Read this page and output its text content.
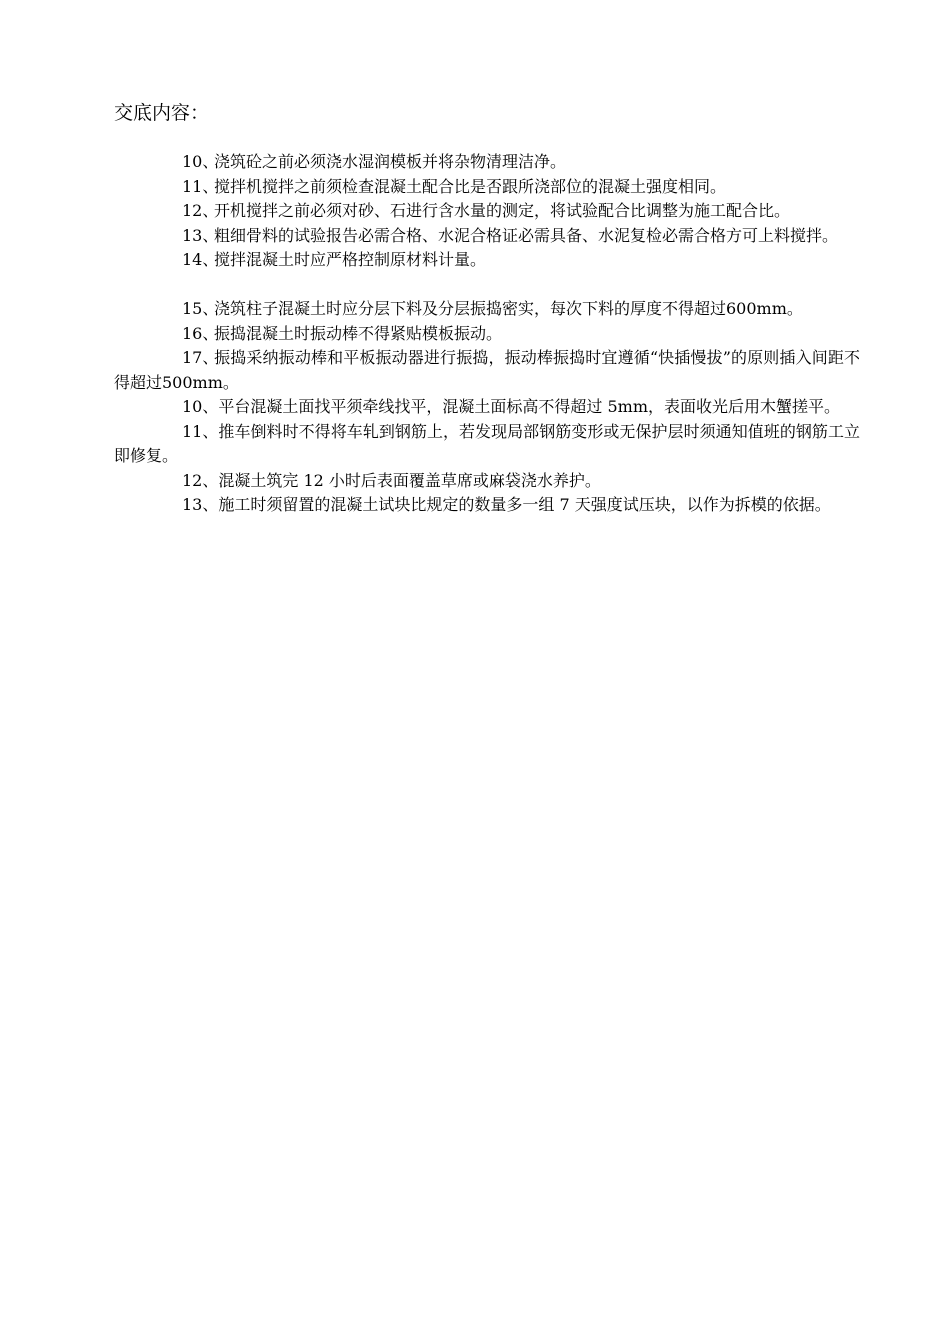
交底内容：

10、浇筑砼之前必须浇水湿润模板并将杂物清理洁净。

11、搅拌机搅拌之前须检查混凝土配合比是否跟所浇部位的混凝土强度相同。

12、开机搅拌之前必须对砂、石进行含水量的测定，将试验配合比调整为施工配合比。

13、粗细骨料的试验报告必需合格、水泥合格证必需具备、水泥复检必需合格方可上料搅拌。

14、搅拌混凝土时应严格控制原材料计量。

15、浇筑柱子混凝土时应分层下料及分层振捣密实，每次下料的厚度不得超过600mm。

16、振捣混凝土时振动棒不得紧贴模板振动。

17、振捣采纳振动棒和平板振动器进行振捣，振动棒振捣时宜遵循“快插慢拔”的原则插入间距不得超过500mm。

10、平台混凝土面找平须牵线找平，混凝土面标高不得超过 5mm，表面收光后用木蟹搓平。

11、推车倒料时不得将车轧到钢筋上，若发现局部钢筋变形或无保护层时须通知值班的钢筋工立即修复。

12、混凝土筑完 12 小时后表面覆盖草席或麻袋浇水养护。

13、施工时须留置的混凝土试块比规定的数量多一组 7 天强度试压块，以作为拆模的依据。
